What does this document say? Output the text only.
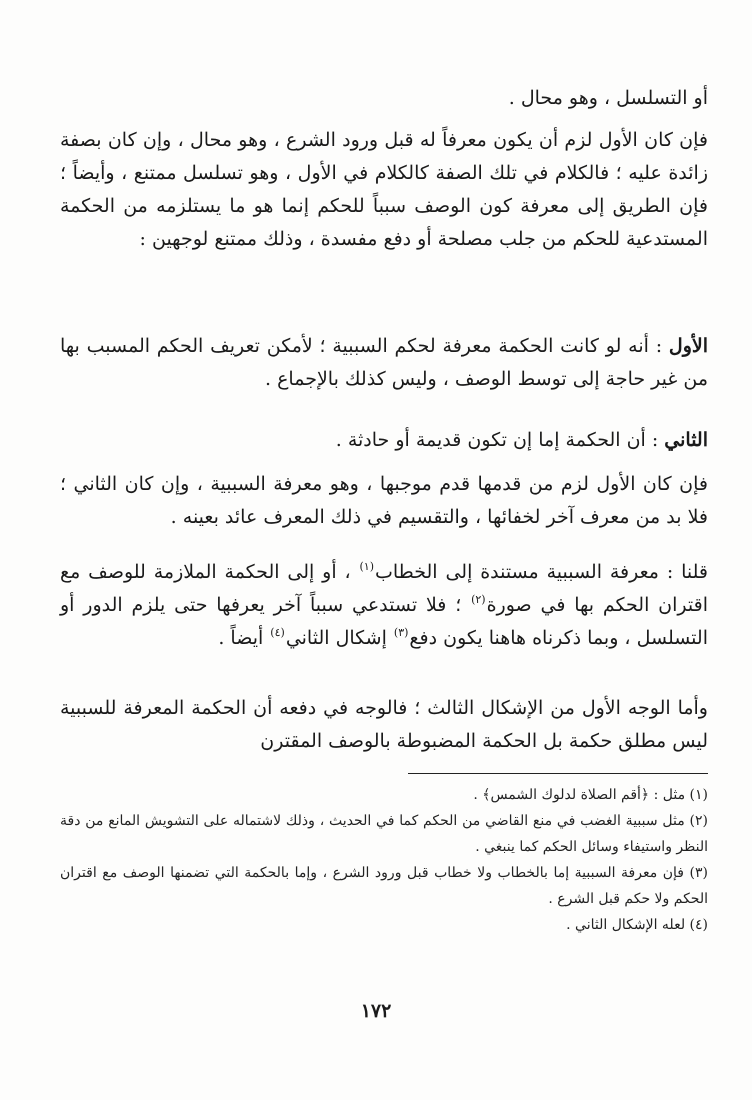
أو التسلسل ، وهو محال .

فإن كان الأول لزم أن يكون معرفاً له قبل ورود الشرع ، وهو محال ، وإن كان بصفة زائدة عليه ؛ فالكلام في تلك الصفة كالكلام في الأول ، وهو تسلسل ممتنع ، وأيضاً ؛ فإن الطريق إلى معرفة كون الوصف سبباً للحكم إنما هو ما يستلزمه من الحكمة المستدعية للحكم من جلب مصلحة أو دفع مفسدة ، وذلك ممتنع لوجهين :

الأول : أنه لو كانت الحكمة معرفة لحكم السببية ؛ لأمكن تعريف الحكم المسبب بها من غير حاجة إلى توسط الوصف ، وليس كذلك بالإجماع .

الثاني : أن الحكمة إما إن تكون قديمة أو حادثة .

فإن كان الأول لزم من قدمها قدم موجبها ، وهو معرفة السببية ، وإن كان الثاني ؛ فلا بد من معرف آخر لخفائها ، والتقسيم في ذلك المعرف عائد بعينه .

قلنا : معرفة السببية مستندة إلى الخطاب$^{(١)}$ ، أو إلى الحكمة الملازمة للوصف مع اقتران الحكم بها في صورة$^{(٢)}$ ؛ فلا تستدعي سبباً آخر يعرفها حتى يلزم الدور أو التسلسل ، وبما ذكرناه هاهنا يكون دفع$^{(٣)}$ إشكال الثاني$^{(٤)}$ أيضاً .

وأما الوجه الأول من الإشكال الثالث ؛ فالوجه في دفعه أن الحكمة المعرفة للسببية ليس مطلق حكمة بل الحكمة المضبوطة بالوصف المقترن

(١) مثل : ﴿أقم الصلاة لدلوك الشمس﴾ .

(٢) مثل سببية الغضب في منع القاضي من الحكم كما في الحديث ، وذلك لاشتماله على التشويش المانع من دقة النظر واستيفاء وسائل الحكم كما ينبغي .

(٣) فإن معرفة السببية إما بالخطاب ولا خطاب قبل ورود الشرع ، وإما بالحكمة التي تضمنها الوصف مع اقتران الحكم ولا حكم قبل الشرع .

(٤) لعله الإشكال الثاني .

١٧٢
